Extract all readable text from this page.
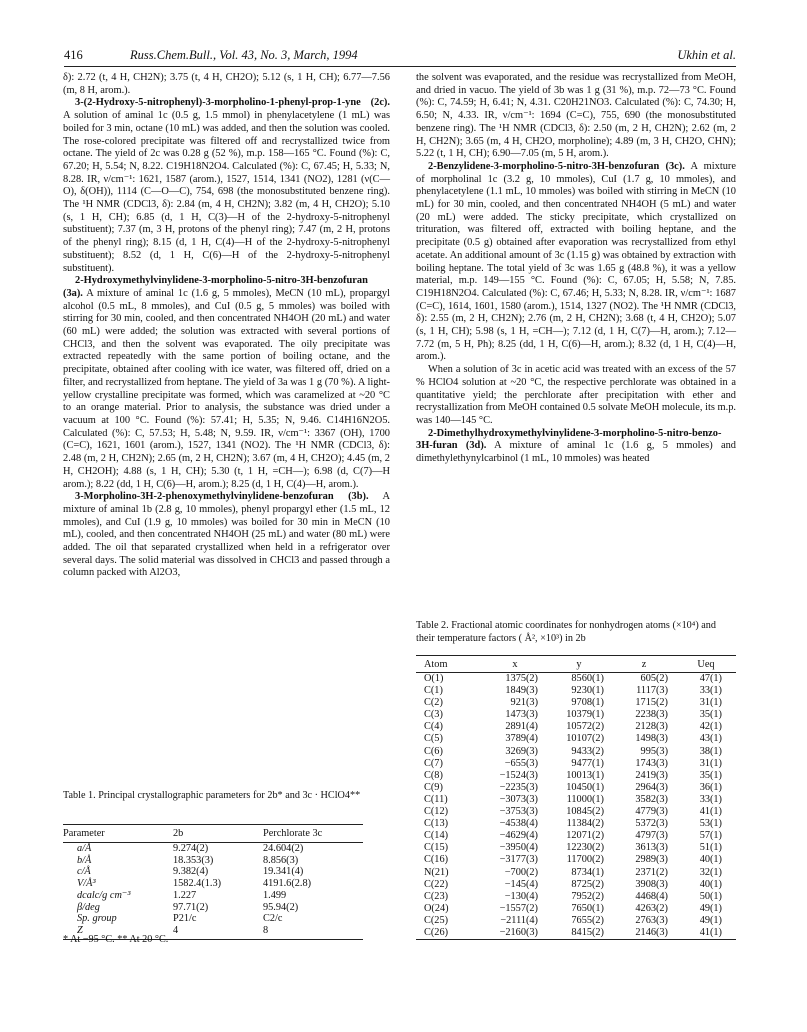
416	Russ.Chem.Bull., Vol. 43, No. 3, March, 1994	Ukhin et al.

δ): 2.72 (t, 4 H, CH2N); 3.75 (t, 4 H, CH2O); 5.12 (s, 1 H, CH); 6.77—7.56 (m, 8 H, arom.).

3-(2-Hydroxy-5-nitrophenyl)-3-morpholino-1-phenyl-prop-1-yne (2c). A solution of aminal 1c (0.5 g, 1.5 mmol) in phenylacetylene (1 mL) was boiled for 3 min, octane (10 mL) was added, and then the solution was cooled. The rose-colored precipitate was filtered off and recrystallized twice from octane. The yield of 2c was 0.28 g (52 %), m.p. 158—165 °C. Found (%): C, 67.20; H, 5.54; N, 8.22. C19H18N2O4. Calculated (%): C, 67.45; H, 5.33; N, 8.28. IR, ν/cm⁻¹: 1621, 1587 (arom.), 1527, 1514, 1341 (NO2), 1281 (ν(C—O), δ(OH)), 1114 (C—O—C), 754, 698 (the monosubstituted benzene ring). The ¹H NMR (CDCl3, δ): 2.84 (m, 4 H, CH2N); 3.82 (m, 4 H, CH2O); 5.10 (s, 1 H, CH); 6.85 (d, 1 H, C(3)—H of the 2-hydroxy-5-nitrophenyl substituent); 7.37 (m, 3 H, protons of the phenyl ring); 7.47 (m, 2 H, protons of the phenyl ring); 8.15 (d, 1 H, C(4)—H of the 2-hydroxy-5-nitrophenyl substituent); 8.52 (d, 1 H, C(6)—H of the 2-hydroxy-5-nitrophenyl substituent).

2-Hydroxymethylvinylidene-3-morpholino-5-nitro-3H-benzofuran (3a). A mixture of aminal 1c (1.6 g, 5 mmoles), MeCN (10 mL), propargyl alcohol (0.5 mL, 8 mmoles), and CuI (0.5 g, 5 mmoles) was boiled with stirring for 30 min, cooled, and then concentrated NH4OH (20 mL) and water (60 mL) were added; the solution was extracted with several portions of CHCl3, and then the solvent was evaporated. The oily precipitate was extracted repeatedly with the same portion of boiling octane, and the precipitate, obtained after cooling with ice water, was filtered off, dried on a filter, and recrystallized from heptane. The yield of 3a was 1 g (70 %). A light-yellow crystalline precipitate was formed, which was caramelized at ~20 °C to an orange material. Prior to analysis, the substance was dried under a vacuum at 100 °C. Found (%): 57.41; H, 5.35; N, 9.46. C14H16N2O5. Calculated (%): C, 57.53; H, 5.48; N, 9.59. IR, ν/cm⁻¹: 3367 (OH), 1700 (C=C), 1621, 1601 (arom.), 1527, 1341 (NO2). The ¹H NMR (CDCl3, δ): 2.48 (m, 2 H, CH2N); 2.65 (m, 2 H, CH2N); 3.67 (m, 4 H, CH2O); 4.45 (m, 2 H, CH2OH); 4.88 (s, 1 H, CH); 5.30 (t, 1 H, =CH—); 6.98 (d, C(7)—H arom.); 8.22 (dd, 1 H, C(6)—H, arom.); 8.25 (d, 1 H, C(4)—H, arom.).

3-Morpholino-3H-2-phenoxymethylvinylidene-benzofuran (3b). A mixture of aminal 1b (2.8 g, 10 mmoles), phenyl propargyl ether (1.5 mL, 12 mmoles), and CuI (1.9 g, 10 mmoles) was boiled for 30 min in MeCN (10 mL), cooled, and then concentrated NH4OH (25 mL) and water (80 mL) were added. The oil that separated crystallized when held in a refrigerator over several days. The solid material was dissolved in CHCl3 and passed through a column packed with Al2O3,

the solvent was evaporated, and the residue was recrystallized from MeOH, and dried in vacuo. The yield of 3b was 1 g (31 %), m.p. 72—73 °C. Found (%): C, 74.59; H, 6.41; N, 4.31. C20H21NO3. Calculated (%): C, 74.30; H, 6.50; N, 4.33. IR, ν/cm⁻¹: 1694 (C=C), 755, 690 (the monosubstituted benzene ring). The ¹H NMR (CDCl3, δ): 2.50 (m, 2 H, CH2N); 2.62 (m, 2 H, CH2N); 3.65 (m, 4 H, CH2O, morpholine); 4.89 (m, 3 H, CH2O, CHN); 5.22 (t, 1 H, CH); 6.90—7.05 (m, 5 H, arom.).

2-Benzylidene-3-morpholino-5-nitro-3H-benzofuran (3c). A mixture of morpholinal 1c (3.2 g, 10 mmoles), CuI (1.7 g, 10 mmoles), and phenylacetylene (1.1 mL, 10 mmoles) was boiled with stirring in MeCN (10 mL) for 30 min, cooled, and then concentrated NH4OH (5 mL) and water (20 mL) were added. The sticky precipitate, which crystallized on trituration, was filtered off, extracted with boiling heptane, and the precipitate (0.5 g) obtained after evaporation was recrystallized from ethyl acetate. An additional amount of 3c (1.15 g) was obtained by extraction with boiling heptane. The total yield of 3c was 1.65 g (48.8 %), it was a yellow material, m.p. 149—155 °C. Found (%): C, 67.05; H, 5.58; N, 7.85. C19H18N2O4. Calculated (%): C, 67.46; H, 5.33; N, 8.28. IR, ν/cm⁻¹: 1687 (C=C), 1614, 1601, 1580 (arom.), 1514, 1327 (NO2). The ¹H NMR (CDCl3, δ): 2.55 (m, 2 H, CH2N); 2.76 (m, 2 H, CH2N); 3.68 (t, 4 H, CH2O); 5.07 (s, 1 H, CH); 5.98 (s, 1 H, =CH—); 7.12 (d, 1 H, C(7)—H, arom.); 7.12—7.72 (m, 5 H, Ph); 8.25 (dd, 1 H, C(6)—H, arom.); 8.32 (d, 1 H, C(4)—H, arom.).

When a solution of 3c in acetic acid was treated with an excess of the 57 % HClO4 solution at ~20 °C, the respective perchlorate was obtained in a quantitative yield; the perchlorate after precipitation with ether and recrystallization from MeOH contained 0.5 solvate MeOH molecule, its m.p. was 140—145 °C.

2-Dimethylhydroxymethylvinylidene-3-morpholino-5-nitro-benzo-3H-furan (3d). A mixture of aminal 1c (1.6 g, 5 mmoles) and dimethylethynylcarbinol (1 mL, 10 mmoles) was heated

Table 1. Principal crystallographic parameters for 2b* and 3c · HClO4**
Parameter	2b	Perchlorate 3c
a/Å	9.274(2)	24.604(2)
b/Å	18.353(3)	8.856(3)
c/Å	9.382(4)	19.341(4)
V/Å³	1582.4(1.3)	4191.6(2.8)
dcalc/g cm⁻³	1.227	1.499
β/deg	97.71(2)	95.94(2)
Sp. group	P21/c	C2/c
Z	4	8
* At −95 °C. ** At 20 °C.
Table 2. Fractional atomic coordinates for nonhydrogen atoms (×10⁴) and their temperature factors ( Å², ×10³) in 2b
Atom	x	y	z	Ueq
O(1)	1375(2)	8560(1)	605(2)	47(1)
C(1)	1849(3)	9230(1)	1117(3)	33(1)
C(2)	921(3)	9708(1)	1715(2)	31(1)
C(3)	1473(3)	10379(1)	2238(3)	35(1)
C(4)	2891(4)	10572(2)	2128(3)	42(1)
C(5)	3789(4)	10107(2)	1498(3)	43(1)
C(6)	3269(3)	9433(2)	995(3)	38(1)
C(7)	−655(3)	9477(1)	1743(3)	31(1)
C(8)	−1524(3)	10013(1)	2419(3)	35(1)
C(9)	−2235(3)	10450(1)	2964(3)	36(1)
C(11)	−3073(3)	11000(1)	3582(3)	33(1)
C(12)	−3753(3)	10845(2)	4779(3)	41(1)
C(13)	−4538(4)	11384(2)	5372(3)	53(1)
C(14)	−4629(4)	12071(2)	4797(3)	57(1)
C(15)	−3950(4)	12230(2)	3613(3)	51(1)
C(16)	−3177(3)	11700(2)	2989(3)	40(1)
N(21)	−700(2)	8734(1)	2371(2)	32(1)
C(22)	−145(4)	8725(2)	3908(3)	40(1)
C(23)	−130(4)	7952(2)	4468(4)	50(1)
O(24)	−1557(2)	7650(1)	4263(2)	49(1)
C(25)	−2111(4)	7655(2)	2763(3)	49(1)
C(26)	−2160(3)	8415(2)	2146(3)	41(1)
